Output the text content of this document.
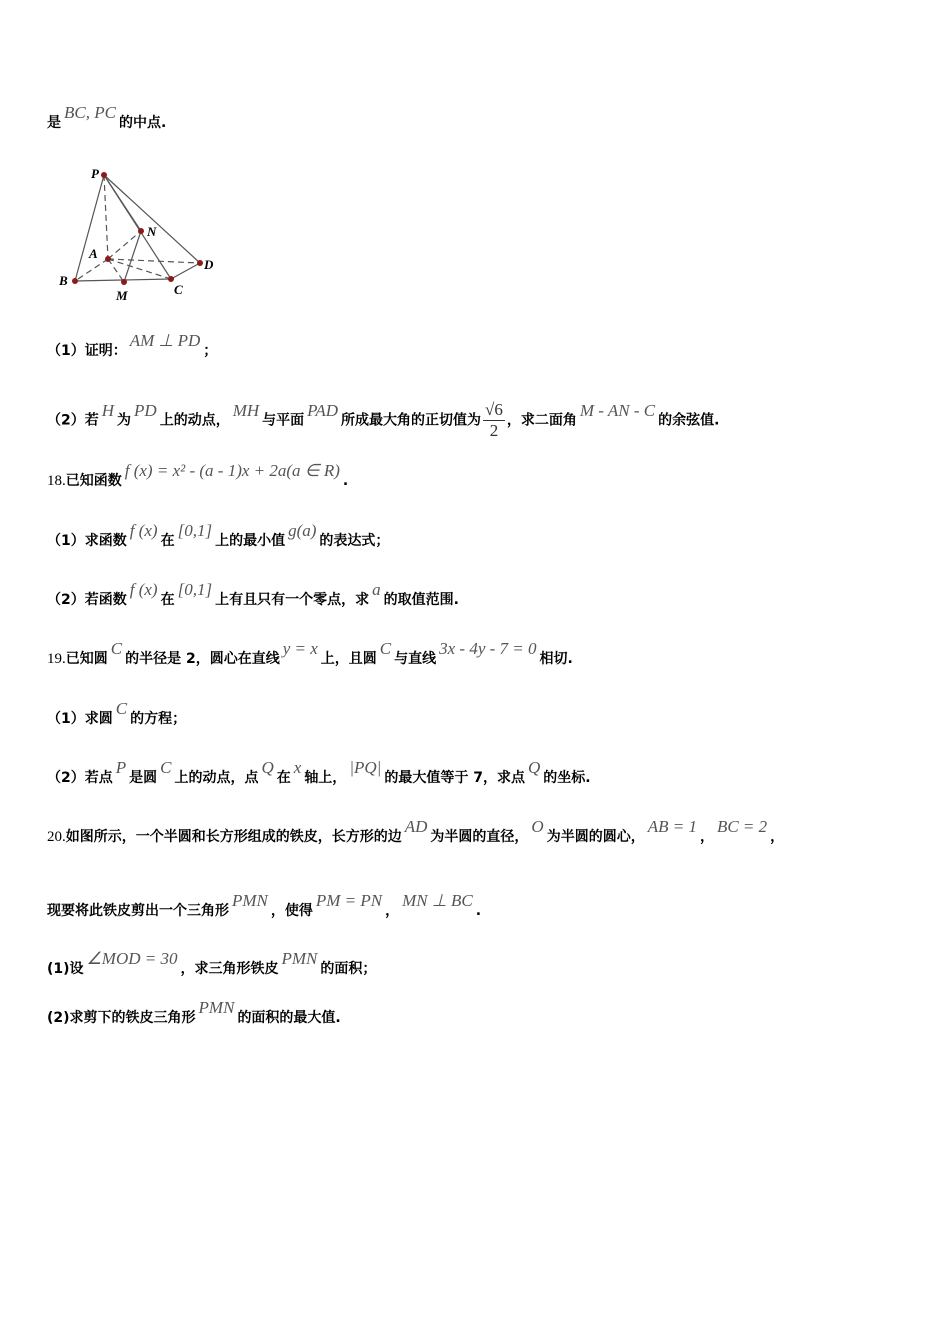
P
N
A
D
B
M	C
是BC, PC的中点.
（1）证明：AM ⊥ PD；
（2）若H为PD上的动点，MH与平面PAD所成最大角的正切值为 $\frac{√6}{2}$ ，求二面角M - AN - C的余弦值.
18.已知函数f (x) = x² - (a - 1)x + 2a(a ∈ R).
（1）求函数f (x)在[0,1]上的最小值g(a)的表达式；
（2）若函数f (x)在[0,1]上有且只有一个零点，求a的取值范围.
19.已知圆C的半径是 2，圆心在直线y = x上，且圆C与直线3x - 4y - 7 = 0相切.
（1）求圆C的方程；
（2）若点P是圆C上的动点，点Q在x轴上，|PQ|的最大值等于 7，求点Q的坐标.
20.如图所示，一个半圆和长方形组成的铁皮，长方形的边AD为半圆的直径，O为半圆的圆心，AB = 1，BC = 2，
现要将此铁皮剪出一个三角形PMN，使得PM = PN，MN ⊥ BC.
(1)设∠MOD = 30，求三角形铁皮PMN的面积；
(2)求剪下的铁皮三角形PMN的面积的最大值.
